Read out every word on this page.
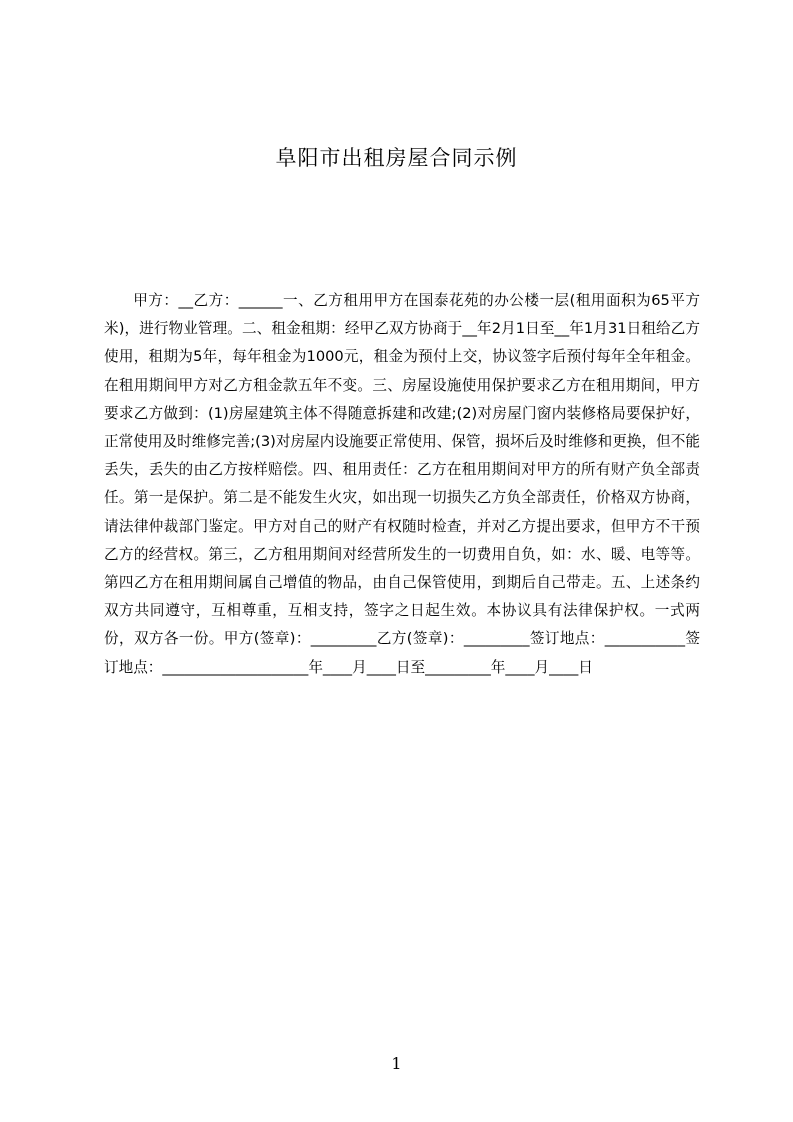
阜阳市出租房屋合同示例

甲方：__乙方：______一、乙方租用甲方在国泰花苑的办公楼一层(租用面积为65平方米)，进行物业管理。二、租金租期：经甲乙双方协商于__年2月1日至__年1月31日租给乙方使用，租期为5年，每年租金为1000元，租金为预付上交，协议签字后预付每年全年租金。在租用期间甲方对乙方租金款五年不变。三、房屋设施使用保护要求乙方在租用期间，甲方要求乙方做到：(1)房屋建筑主体不得随意拆建和改建;(2)对房屋门窗内装修格局要保护好，正常使用及时维修完善;(3)对房屋内设施要正常使用、保管，损坏后及时维修和更换，但不能丢失，丢失的由乙方按样赔偿。四、租用责任：乙方在租用期间对甲方的所有财产负全部责任。第一是保护。第二是不能发生火灾，如出现一切损失乙方负全部责任，价格双方协商，请法律仲裁部门鉴定。甲方对自己的财产有权随时检查，并对乙方提出要求，但甲方不干预乙方的经营权。第三，乙方租用期间对经营所发生的一切费用自负，如：水、暖、电等等。第四乙方在租用期间属自己增值的物品，由自己保管使用，到期后自己带走。五、上述条约双方共同遵守，互相尊重，互相支持，签字之日起生效。本协议具有法律保护权。一式两份，双方各一份。甲方(签章)：_________乙方(签章)：_________签订地点：___________签订地点：____________________年____月____日至_________年____月____日

1
